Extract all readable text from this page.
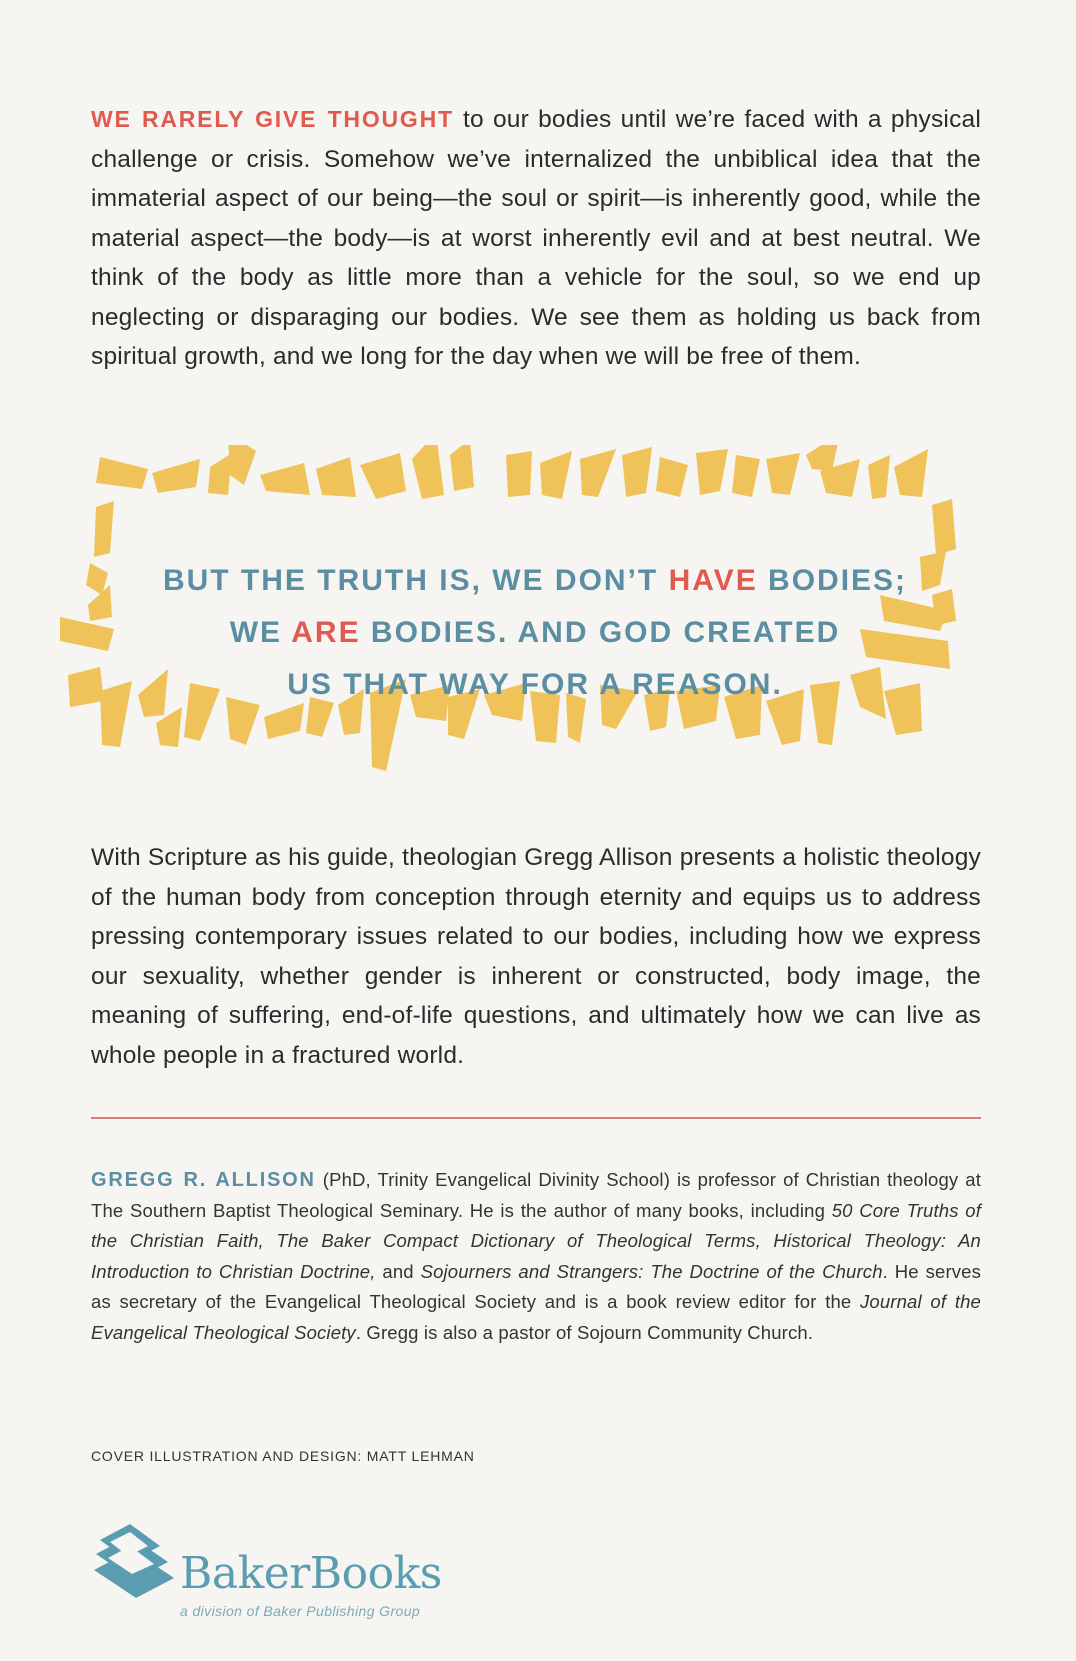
WE RARELY GIVE THOUGHT to our bodies until we’re faced with a physical challenge or crisis. Somehow we’ve internalized the unbiblical idea that the immaterial aspect of our being—the soul or spirit—is inherently good, while the material aspect—the body—is at worst inherently evil and at best neutral. We think of the body as little more than a vehicle for the soul, so we end up neglecting or disparaging our bodies. We see them as holding us back from spiritual growth, and we long for the day when we will be free of them.

BUT THE TRUTH IS, WE DON’T HAVE BODIES;
WE ARE BODIES. AND GOD CREATED
US THAT WAY FOR A REASON.

With Scripture as his guide, theologian Gregg Allison presents a holistic theology of the human body from conception through eternity and equips us to address pressing contemporary issues related to our bodies, including how we express our sexuality, whether gender is inherent or constructed, body image, the meaning of suffering, end-of-life questions, and ultimately how we can live as whole people in a fractured world.

GREGG R. ALLISON (PhD, Trinity Evangelical Divinity School) is professor of Christian theology at The Southern Baptist Theological Seminary. He is the author of many books, including 50 Core Truths of the Christian Faith, The Baker Compact Dictionary of Theological Terms, Historical Theology: An Introduction to Christian Doctrine, and Sojourners and Strangers: The Doctrine of the Church. He serves as secretary of the Evangelical Theological Society and is a book review editor for the Journal of the Evangelical Theological Society. Gregg is also a pastor of Sojourn Community Church.

COVER ILLUSTRATION AND DESIGN: MATT LEHMAN

BakerBooks

a division of Baker Publishing Group
